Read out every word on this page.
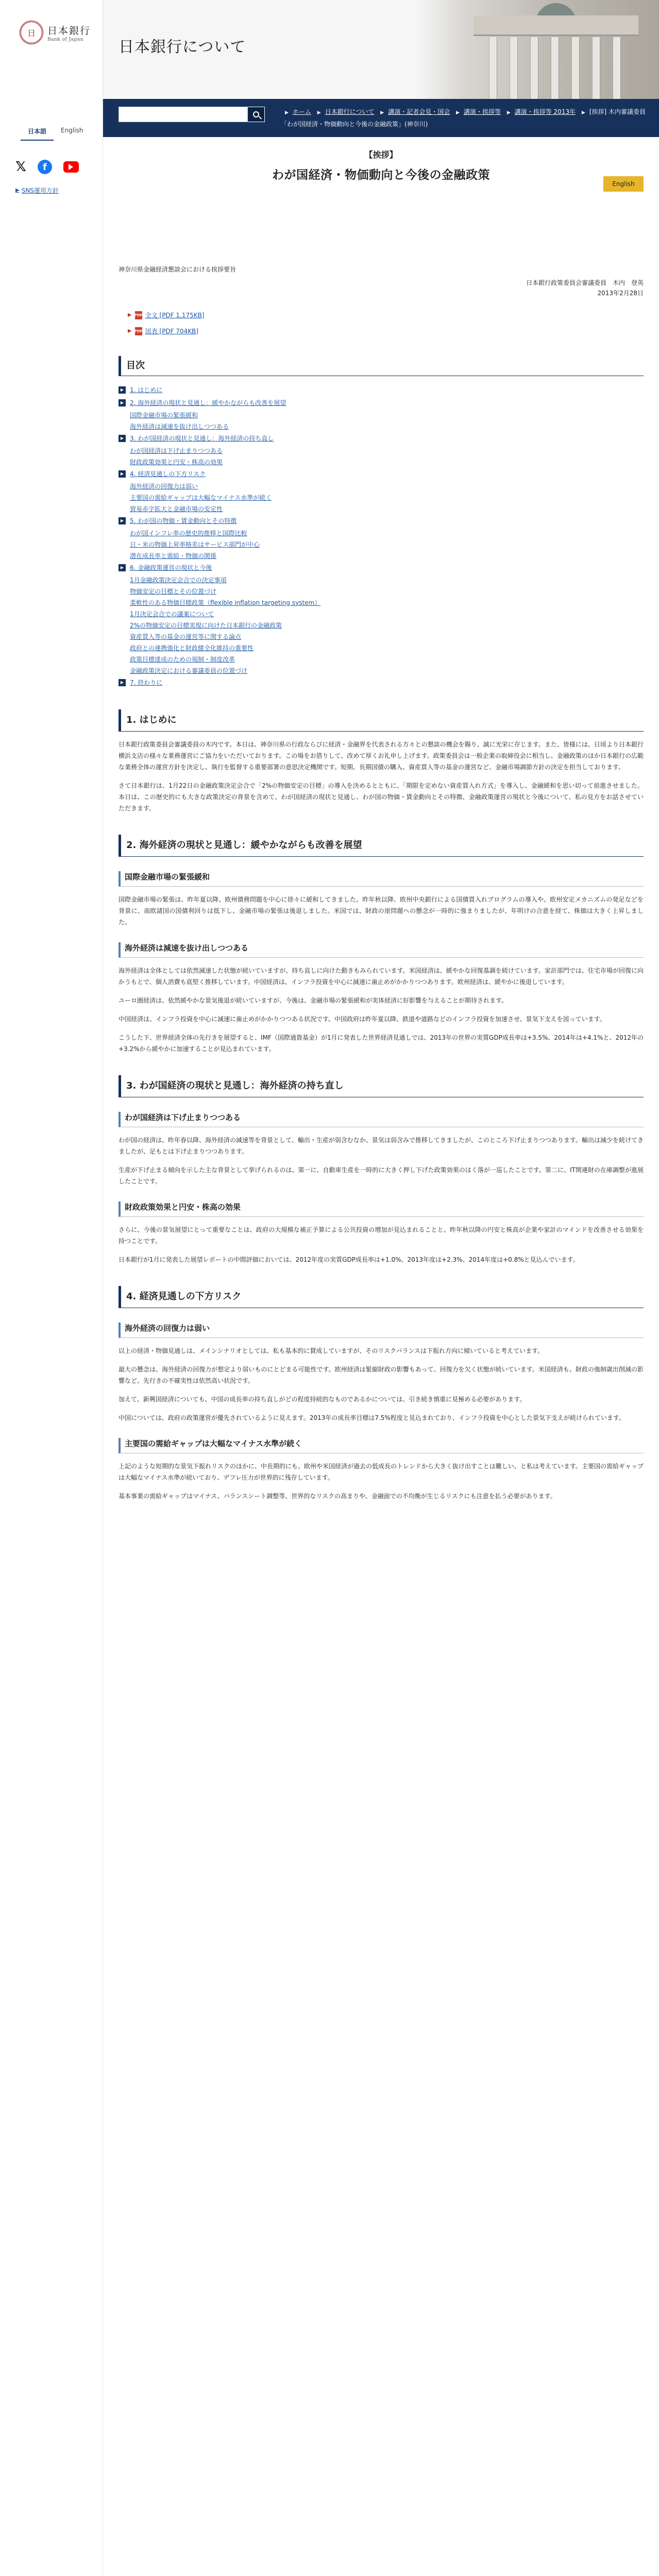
日	日本銀行
Bank of Japan
日本語	English
𝕏	f
▶ SNS運用方針
日本銀行について
▶ ホーム ▶ 日本銀行について ▶ 講演・記者会見・国会 ▶ 講演・挨拶等 ▶ 講演・挨拶等 2013年 ▶ [挨拶] 木内審議委員「わが国経済・物価動向と今後の金融政策」(神奈川)
【挨拶】
わが国経済・物価動向と今後の金融政策
English
神奈川県金融経済懇談会における挨拶要旨
日本銀行政策委員会審議委員　木内　登英
2013年2月28日
▶ PDF 全文 [PDF 1,175KB]
▶ PDF 図表 [PDF 704KB]
目次
▶ 1. はじめに
▶ 2. 海外経済の現状と見通し：緩やかながらも改善を展望
国際金融市場の緊張緩和
海外経済は減速を抜け出しつつある
▶ 3. わが国経済の現状と見通し：海外経済の持ち直し
わが国経済は下げ止まりつつある
財政政策効果と円安・株高の効果
▶ 4. 経済見通しの下方リスク
海外経済の回復力は弱い
主要国の需給ギャップは大幅なマイナス水準が続く
貿易赤字拡大と金融市場の安定性
▶ 5. わが国の物価・賃金動向とその特徴
わが国インフレ率の歴史的推移と国際比較
日・米の物価上昇率格差はサービス部門が中心
潜在成長率と需給・物価の関係
▶ 6. 金融政策運営の現状と今後
1月金融政策決定会合での決定事項
物価安定の目標とその位置づけ
柔軟性のある物価目標政策（flexible inflation targeting system）
1月決定会合での議案について
2%の物価安定の目標実現に向けた日本銀行の金融政策
資産買入等の基金の運営等に関する論点
政府との連携強化と財政健全化維持の重要性
政策目標達成のための規制・制度改革
金融政策決定における審議委員の位置づけ
▶ 7. 終わりに
1. はじめに
日本銀行政策委員会審議委員の木内です。本日は、神奈川県の行政ならびに経済・金融界を代表される方々との懇談の機会を賜り、誠に光栄に存じます。また、皆様には、日頃より日本銀行横浜支店の様々な業務運営にご協力をいただいております。この場をお借りして、改めて厚くお礼申し上げます。政策委員会は一般企業の取締役会に相当し、金融政策のほか日本銀行の広範な業務全体の運営方針を決定し、執行を監督する重要部署の意思決定機関です。短期、長期国債の購入、資産買入等の基金の運営など、金融市場調節方針の決定を担当しております。
さて日本銀行は、1月22日の金融政策決定会合で「2%の物価安定の目標」の導入を決めるとともに、「期限を定めない資産買入れ方式」を導入し、金融緩和を思い切って前進させました。本日は、この歴史的にも大きな政策決定の背景を含めて、わが国経済の現状と見通し、わが国の物価・賃金動向とその特徴、金融政策運営の現状と今後について、私の見方をお話させていただきます。
2. 海外経済の現状と見通し：緩やかながらも改善を展望
国際金融市場の緊張緩和
国際金融市場の緊張は、昨年夏以降、欧州債務問題を中心に徐々に緩和してきました。昨年秋以降、欧州中央銀行による国債買入れプログラムの導入や、欧州安定メカニズムの発足などを背景に、南欧諸国の国債利回りは低下し、金融市場の緊張は後退しました。米国では、財政の崖問題への懸念が一時的に強まりましたが、年明けの合意を経て、株価は大きく上昇しました。
海外経済は減速を抜け出しつつある
海外経済は全体としては依然減速した状態が続いていますが、持ち直しに向けた動きもみられています。米国経済は、緩やかな回復基調を続けています。家計部門では、住宅市場が回復に向かうもとで、個人消費も底堅く推移しています。中国経済は、インフラ投資を中心に減速に歯止めがかかりつつあります。欧州経済は、緩やかに後退しています。
ユーロ圏経済は、依然緩やかな景気後退が続いていますが、今後は、金融市場の緊張緩和が実体経済に好影響を与えることが期待されます。
中国経済は、インフラ投資を中心に減速に歯止めがかかりつつある状況です。中国政府は昨年夏以降、鉄道や道路などのインフラ投資を加速させ、景気下支えを図っています。
こうした下、世界経済全体の先行きを展望すると、IMF（国際通貨基金）が1月に発表した世界経済見通しでは、2013年の世界の実質GDP成長率は+3.5%、2014年は+4.1%と、2012年の+3.2%から緩やかに加速することが見込まれています。
3. わが国経済の現状と見通し：海外経済の持ち直し
わが国経済は下げ止まりつつある
わが国の経済は、昨年春以降、海外経済の減速等を背景として、輸出・生産が弱含むなか、景気は弱含みで推移してきましたが、このところ下げ止まりつつあります。輸出は減少を続けてきましたが、足もとは下げ止まりつつあります。
生産が下げ止まる傾向を示した主な背景として挙げられるのは、第一に、自動車生産を一時的に大きく押し下げた政策効果のはく落が一巡したことです。第二に、IT関連財の在庫調整が進展したことです。
財政政策効果と円安・株高の効果
さらに、今後の景気展望にとって重要なことは、政府の大規模な補正予算による公共投資の増加が見込まれることと、昨年秋以降の円安と株高が企業や家計のマインドを改善させる効果を持つことです。
日本銀行が1月に発表した展望レポートの中間評価においては、2012年度の実質GDP成長率は+1.0%、2013年度は+2.3%、2014年度は+0.8%と見込んでいます。
4. 経済見通しの下方リスク
海外経済の回復力は弱い
以上の経済・物価見通しは、メインシナリオとしては、私も基本的に賛成していますが、そのリスクバランスは下振れ方向に傾いていると考えています。
最大の懸念は、海外経済の回復力が想定より弱いものにとどまる可能性です。欧州経済は緊縮財政の影響もあって、回復力を欠く状態が続いています。米国経済も、財政の強制歳出削減の影響など、先行きの不確実性は依然高い状況です。
加えて、新興国経済についても、中国の成長率の持ち直しがどの程度持続的なものであるかについては、引き続き慎重に見極める必要があります。
中国については、政府の政策運営が優先されているように見えます。2013年の成長率目標は7.5%程度と見込まれており、インフラ投資を中心とした景気下支えが続けられています。
主要国の需給ギャップは大幅なマイナス水準が続く
上記のような短期的な景気下振れリスクのほかに、中長期的にも、欧州や米国経済が過去の低成長のトレンドから大きく抜け出すことは難しい、と私は考えています。主要国の需給ギャップは大幅なマイナス水準が続いており、デフレ圧力が世界的に残存しています。
基本事業の需給ギャップはマイナス、バランスシート調整等、世界的なリスクの高まりや、金融面での不均衡が生じるリスクにも注意を払う必要があります。
